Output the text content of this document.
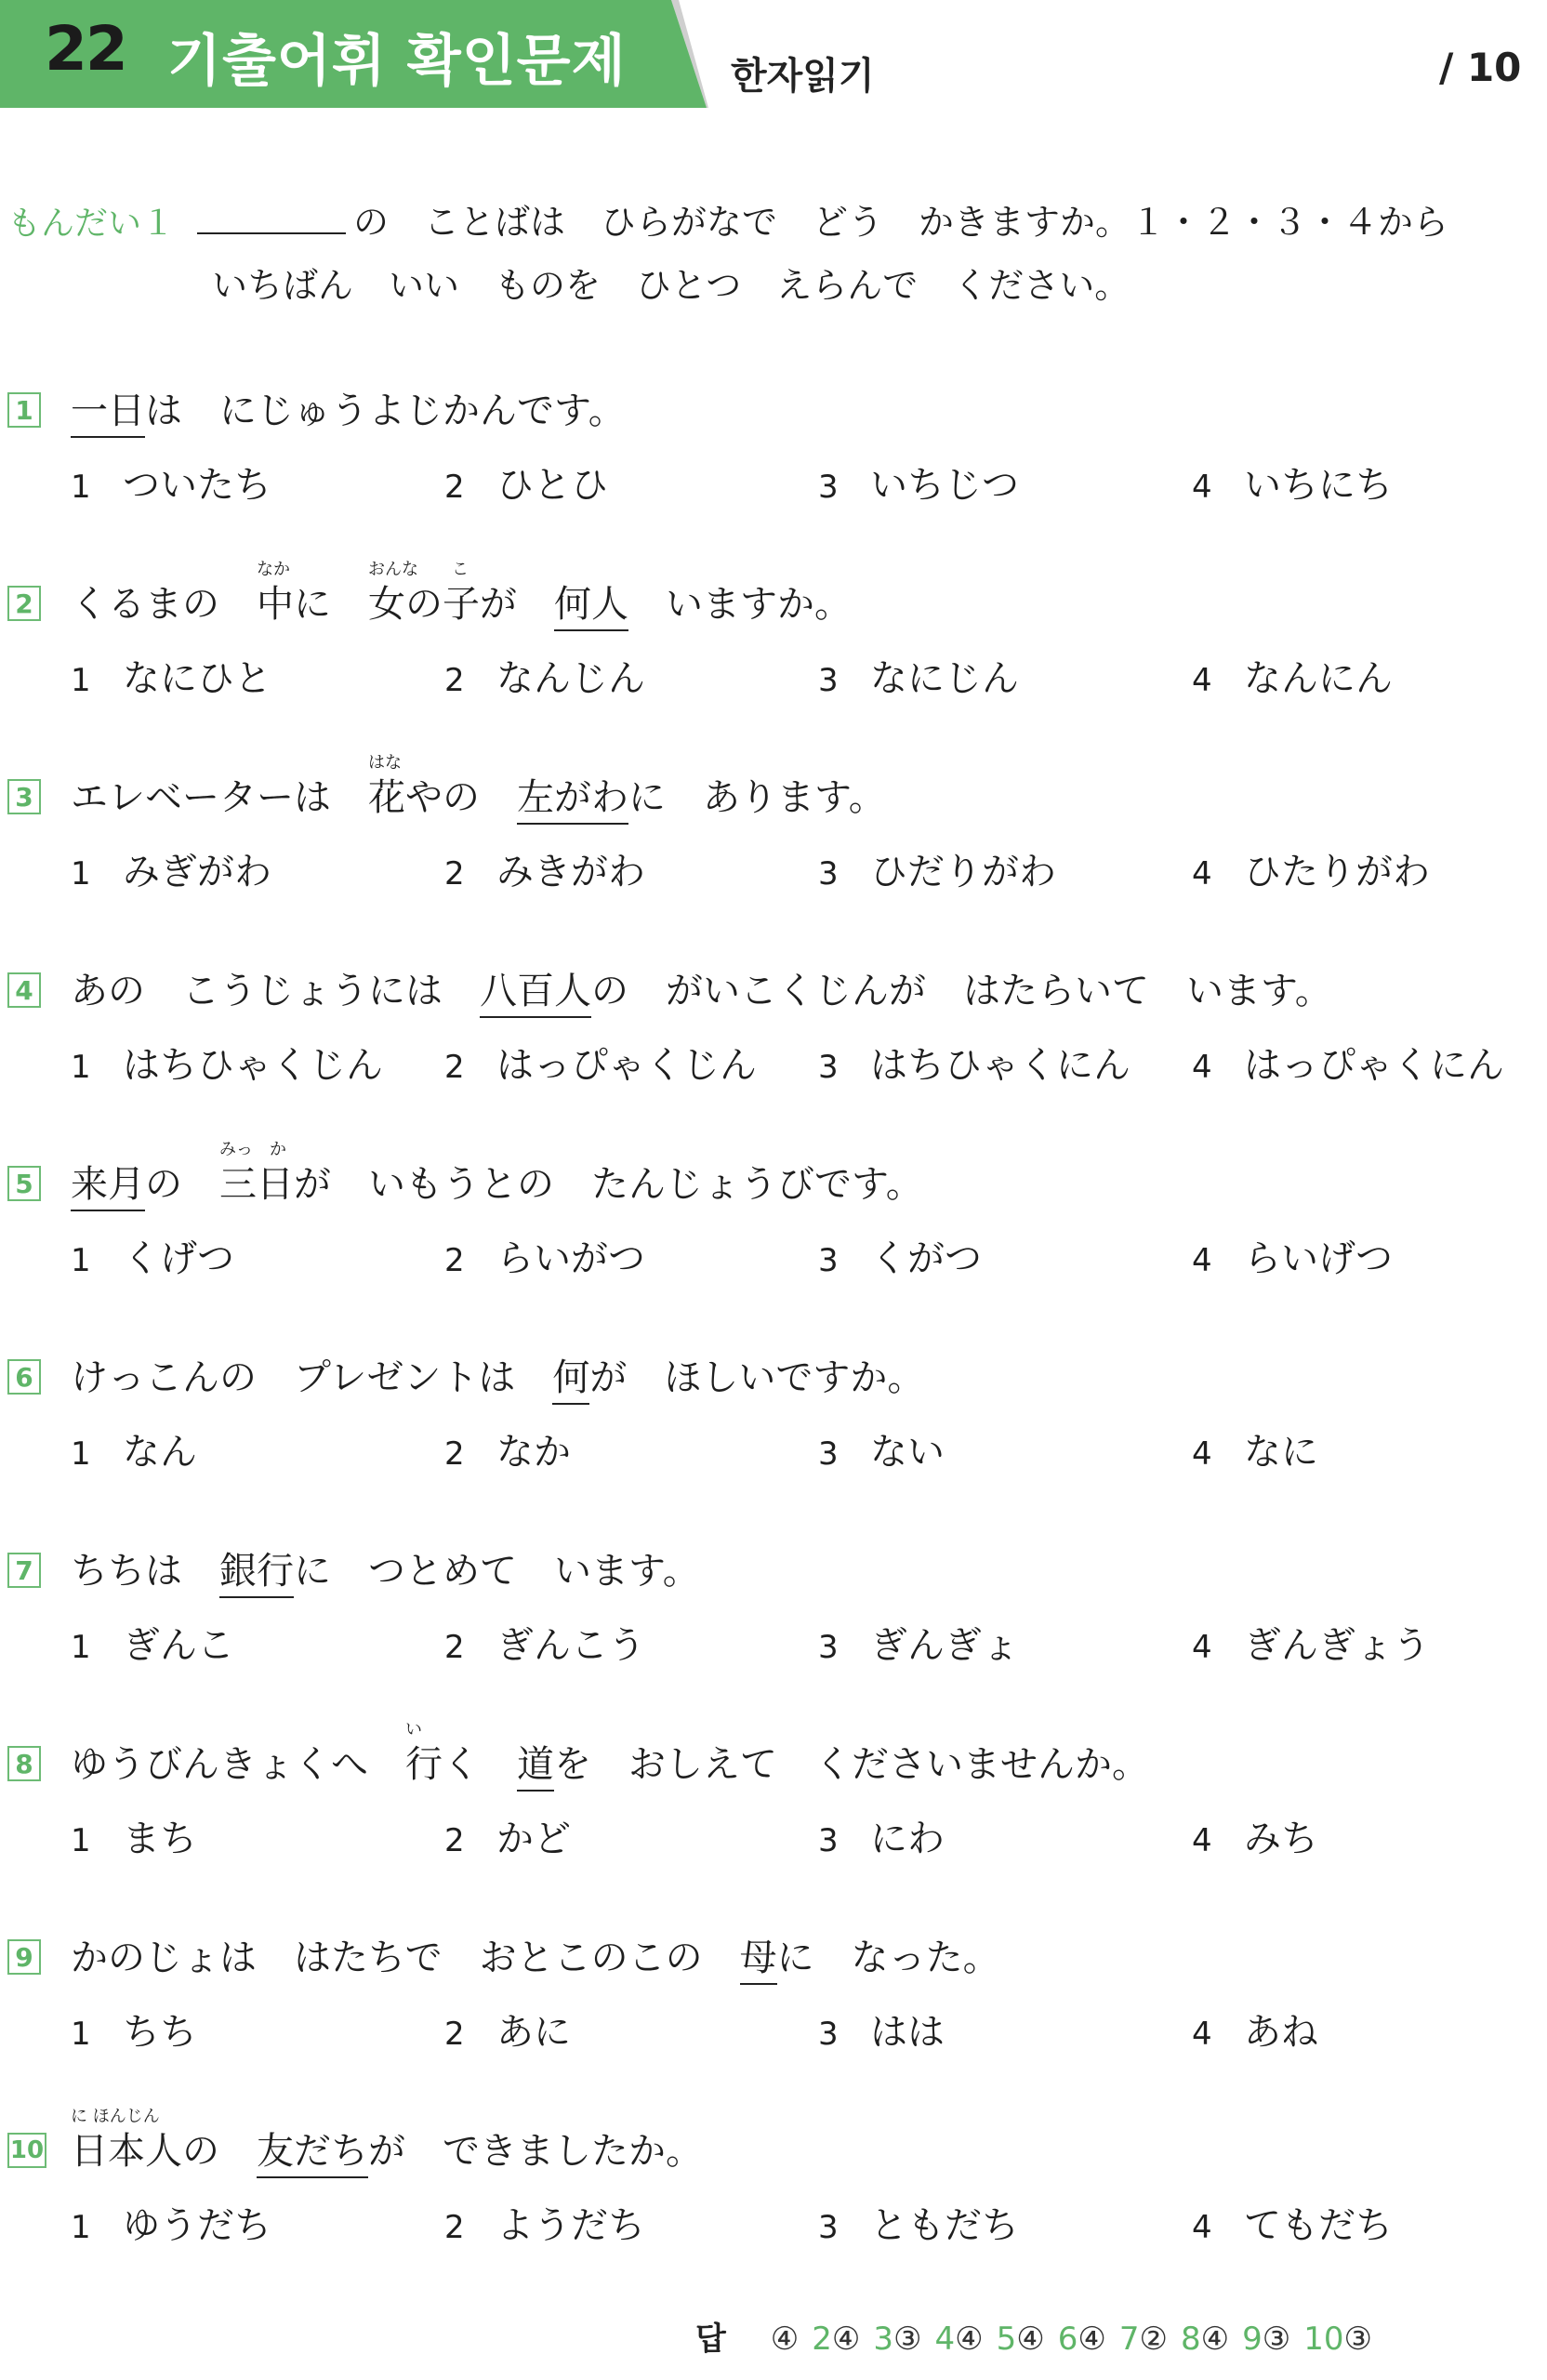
22 기출어휘 확인문제	한자읽기	/ 10
もんだい１	の　ことばは　ひらがなで　どう　かきますか。１・２・３・４から
いちばん　いい　ものを　ひとつ　えらんで　ください。
1 一日は にじゅうよじかんです。
1 ついたち	2 ひとひ	3 いちじつ	4 いちにち
2 くるまの 中に
なか
女の子が
おんな　　こ
何人 いますか。
1 なにひと	2 なんじん	3 なにじん	4 なんにん
3 エレベーターは 花やの
はな
左がわに あります。
1 みぎがわ	2 みきがわ	3 ひだりがわ	4 ひたりがわ
4 あの こうじょうには 八百人の がいこくじんが はたらいて います。
1 はちひゃくじん 2 はっぴゃくじん 3 はちひゃくにん 4 はっぴゃくにん
5 来月の 三日が
みっ　か
いもうとの たんじょうびです。
1 くげつ	2 らいがつ	3 くがつ	4 らいげつ
6 けっこんの プレゼントは 何が ほしいですか。
1 なん	2 なか	3 ない	4 なに
7 ちちは 銀行に つとめて います。
1 ぎんこ	2 ぎんこう	3 ぎんぎょ	4 ぎんぎょう
8 ゆうびんきょくへ 行く
い
道を おしえて くださいませんか。
1 まち	2 かど	3 にわ	4 みち
9 かのじょは はたちで おとこのこの 母に なった。
1 ちち	2 あに	3 はは	4 あね
10 日本人の
に ほんじん
友だちが できましたか。
1 ゆうだち	2 ようだち	3 ともだち	4 てもだち
답 ④ 2④ 3③ 4④ 5④ 6④ 7② 8④ 9③ 10③
